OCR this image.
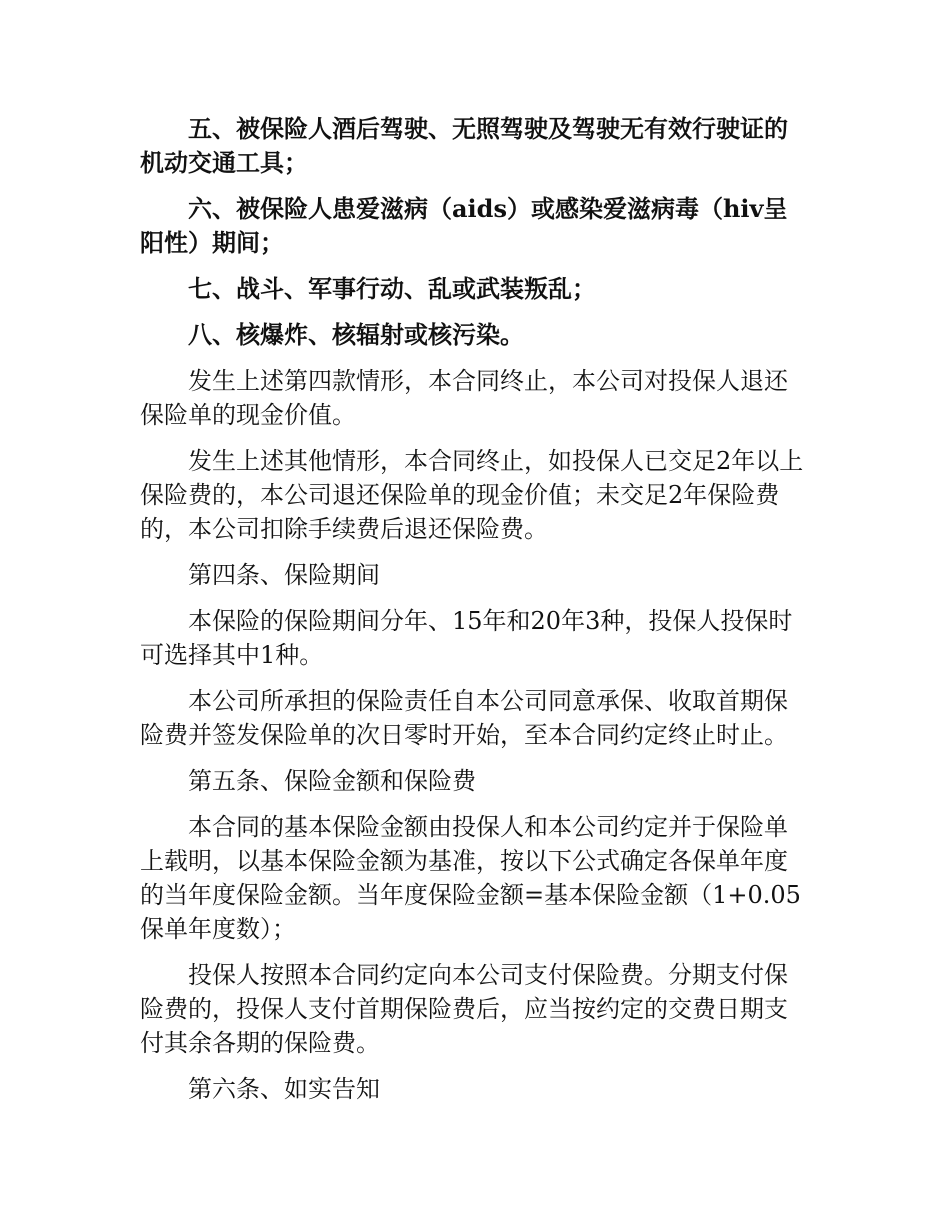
五、被保险人酒后驾驶、无照驾驶及驾驶无有效行驶证的机动交通工具；

六、被保险人患爱滋病（aids）或感染爱滋病毒（hiv呈阳性）期间；

七、战斗、军事行动、乱或武装叛乱；

八、核爆炸、核辐射或核污染。

发生上述第四款情形，本合同终止，本公司对投保人退还保险单的现金价值。

发生上述其他情形，本合同终止，如投保人已交足2年以上保险费的，本公司退还保险单的现金价值；未交足2年保险费的，本公司扣除手续费后退还保险费。

第四条、保险期间

本保险的保险期间分年、15年和20年3种，投保人投保时可选择其中1种。

本公司所承担的保险责任自本公司同意承保、收取首期保险费并签发保险单的次日零时开始，至本合同约定终止时止。

第五条、保险金额和保险费

本合同的基本保险金额由投保人和本公司约定并于保险单上载明，以基本保险金额为基准，按以下公式确定各保单年度的当年度保险金额。当年度保险金额=基本保险金额（1+0.05保单年度数）；

投保人按照本合同约定向本公司支付保险费。分期支付保险费的，投保人支付首期保险费后，应当按约定的交费日期支付其余各期的保险费。

第六条、如实告知
